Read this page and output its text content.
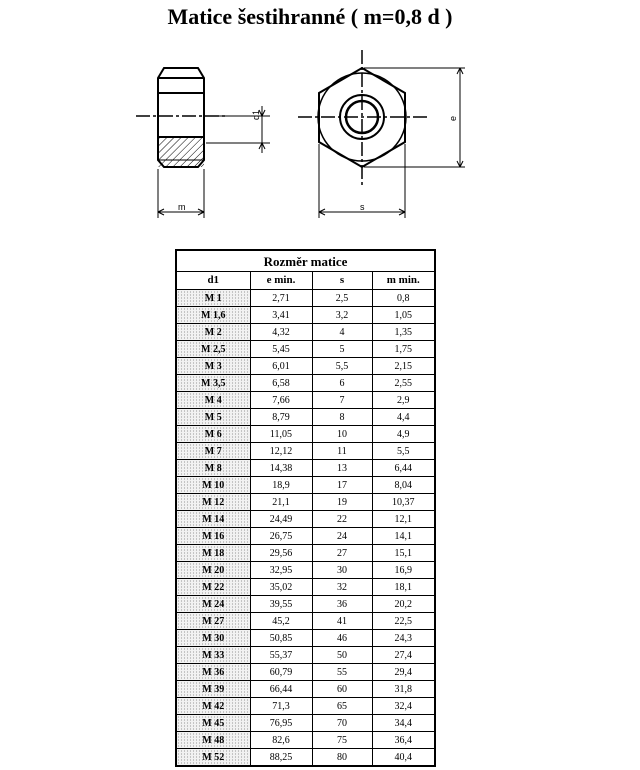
Matice šestihranné ( m=0,8 d )
d1
m
e
s
Rozměr matice			
d1	e min.	s	m min.
M 1	2,71	2,5	0,8
M 1,6	3,41	3,2	1,05
M 2	4,32	4	1,35
M 2,5	5,45	5	1,75
M 3	6,01	5,5	2,15
M 3,5	6,58	6	2,55
M 4	7,66	7	2,9
M 5	8,79	8	4,4
M 6	11,05	10	4,9
M 7	12,12	11	5,5
M 8	14,38	13	6,44
M 10	18,9	17	8,04
M 12	21,1	19	10,37
M 14	24,49	22	12,1
M 16	26,75	24	14,1
M 18	29,56	27	15,1
M 20	32,95	30	16,9
M 22	35,02	32	18,1
M 24	39,55	36	20,2
M 27	45,2	41	22,5
M 30	50,85	46	24,3
M 33	55,37	50	27,4
M 36	60,79	55	29,4
M 39	66,44	60	31,8
M 42	71,3	65	32,4
M 45	76,95	70	34,4
M 48	82,6	75	36,4
M 52	88,25	80	40,4
